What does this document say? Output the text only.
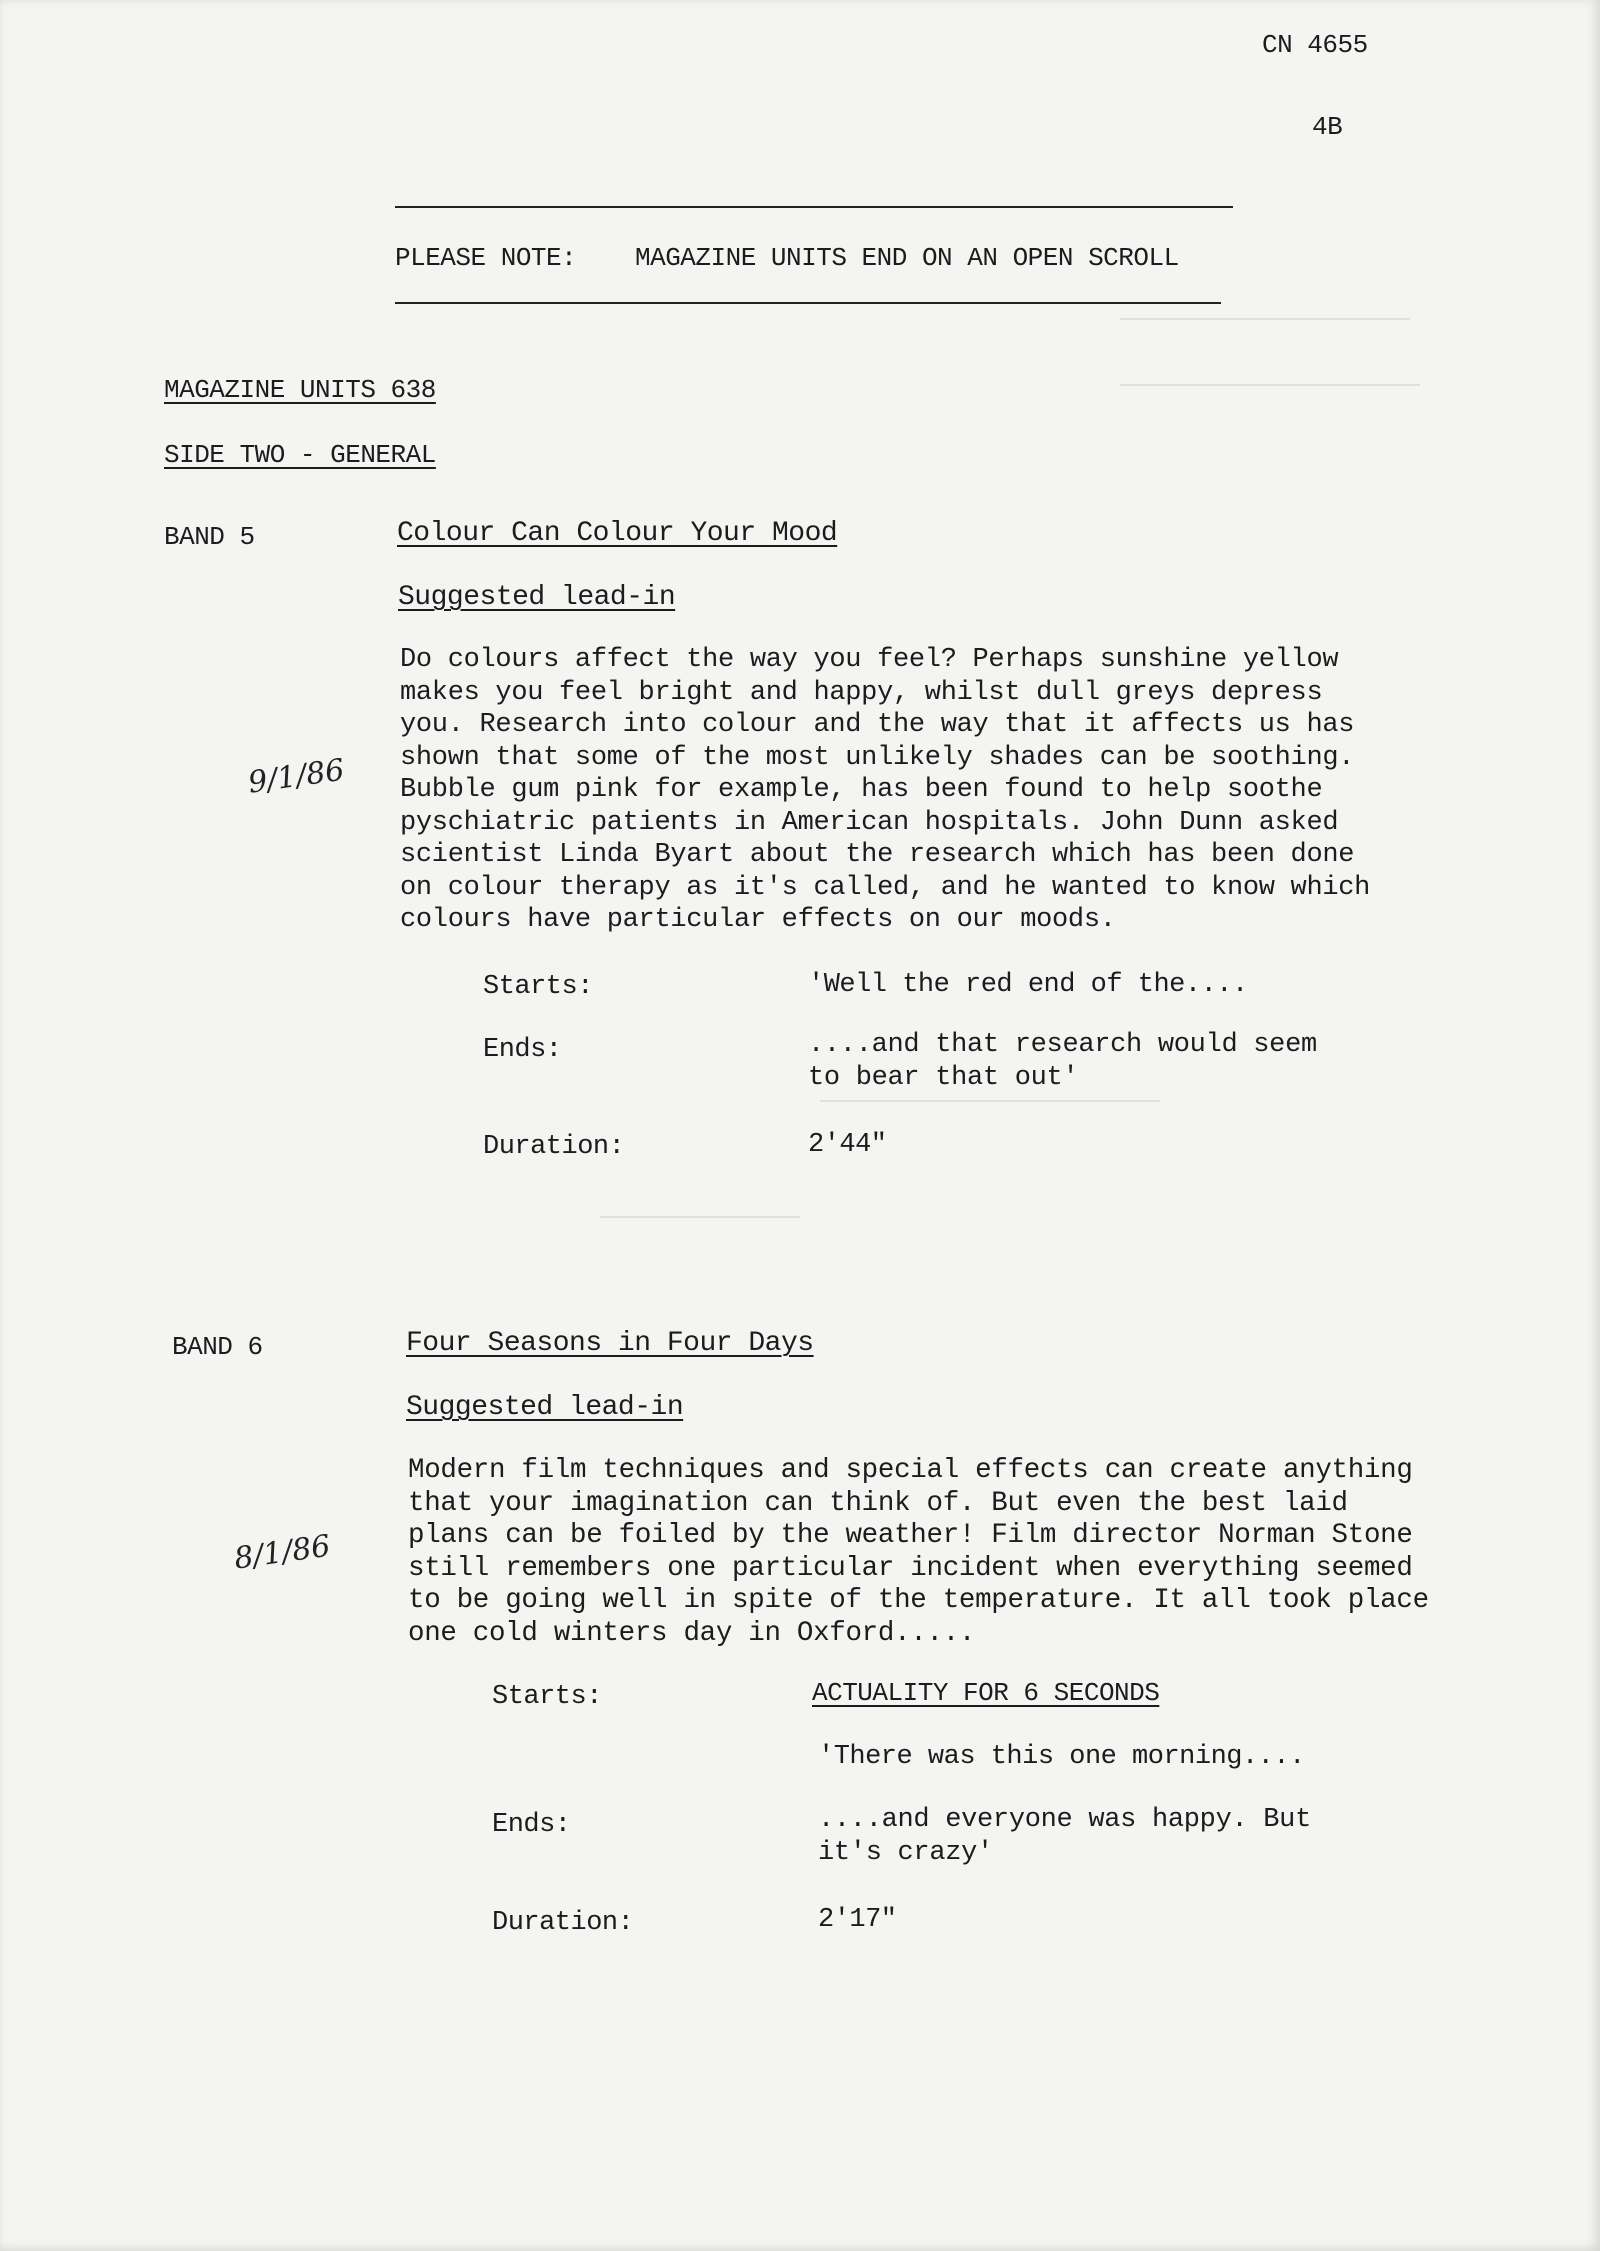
CN 4655
4B
PLEASE NOTE: MAGAZINE UNITS END ON AN OPEN SCROLL
MAGAZINE UNITS 638
SIDE TWO - GENERAL
BAND 5	Colour Can Colour Your Mood
Suggested lead-in
Do colours affect the way you feel? Perhaps sunshine yellow
makes you feel bright and happy, whilst dull greys depress
you. Research into colour and the way that it affects us has
shown that some of the most unlikely shades can be soothing.
Bubble gum pink for example, has been found to help soothe
pyschiatric patients in American hospitals. John Dunn asked
scientist Linda Byart about the research which has been done
on colour therapy as it's called, and he wanted to know which
colours have particular effects on our moods.
9/1/86
Starts:	'Well the red end of the....
Ends:	....and that research would seem
to bear that out'
Duration:	2'44"
BAND 6	Four Seasons in Four Days
Suggested lead-in
Modern film techniques and special effects can create anything
that your imagination can think of. But even the best laid
plans can be foiled by the weather! Film director Norman Stone
still remembers one particular incident when everything seemed
to be going well in spite of the temperature. It all took place
one cold winters day in Oxford.....
8/1/86
Starts:	ACTUALITY FOR 6 SECONDS
'There was this one morning....
Ends:	....and everyone was happy. But
it's crazy'
Duration:	2'17"
